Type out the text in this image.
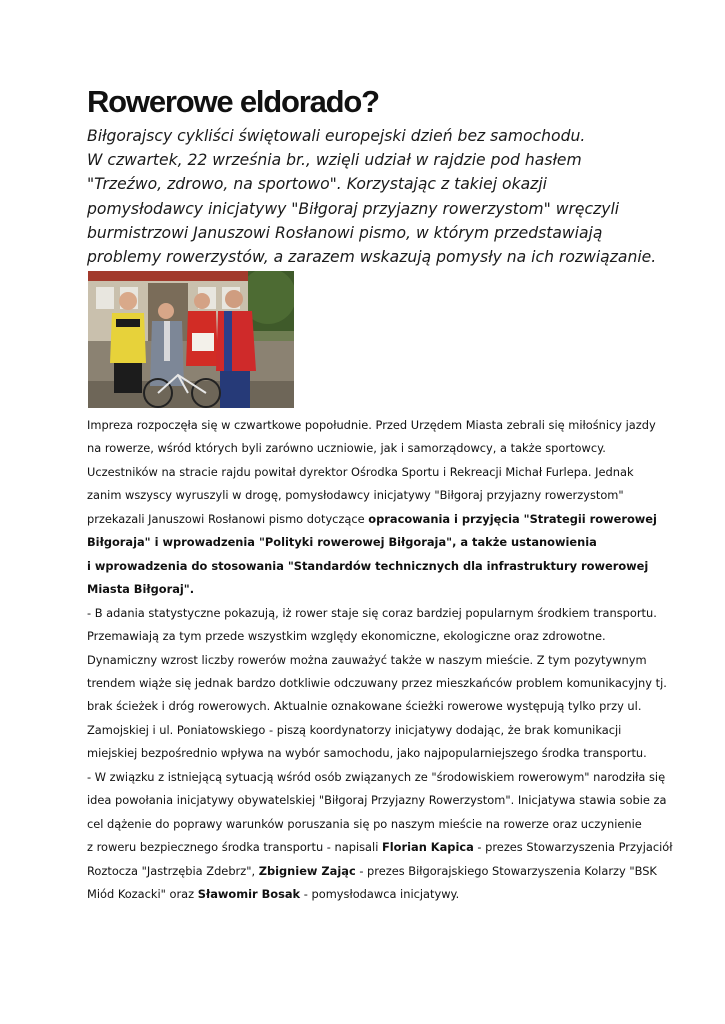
Rowerowe eldorado?

Biłgorajscy cykliści świętowali europejski dzień bez samochodu.
W czwartek, 22 września br., wzięli udział w rajdzie pod hasłem
"Trzeźwo, zdrowo, na sportowo". Korzystając z takiej okazji
pomysłodawcy inicjatywy "Biłgoraj przyjazny rowerzystom" wręczyli
burmistrzowi Januszowi Rosłanowi pismo, w którym przedstawiają
problemy rowerzystów, a zarazem wskazują pomysły na ich rozwiązanie.

Impreza rozpoczęła się w czwartkowe popołudnie. Przed Urzędem Miasta zebrali się miłośnicy jazdy
na rowerze, wśród których byli zarówno uczniowie, jak i samorządowcy, a także sportowcy.
Uczestników na stracie rajdu powitał dyrektor Ośrodka Sportu i Rekreacji Michał Furlepa. Jednak
zanim wszyscy wyruszyli w drogę, pomysłodawcy inicjatywy "Biłgoraj przyjazny rowerzystom"
przekazali Januszowi Rosłanowi pismo dotyczące opracowania i przyjęcia "Strategii rowerowej
Biłgoraja" i wprowadzenia "Polityki rowerowej Biłgoraja", a także ustanowienia
i wprowadzenia do stosowania "Standardów technicznych dla infrastruktury rowerowej
Miasta Biłgoraj".
- B adania statystyczne pokazują, iż rower staje się coraz bardziej popularnym środkiem transportu.
Przemawiają za tym przede wszystkim względy ekonomiczne, ekologiczne oraz zdrowotne.
Dynamiczny wzrost liczby rowerów można zauważyć także w naszym mieście. Z tym pozytywnym
trendem wiąże się jednak bardzo dotkliwie odczuwany przez mieszkańców problem komunikacyjny tj.
brak ścieżek i dróg rowerowych. Aktualnie oznakowane ścieżki rowerowe występują tylko przy ul.
Zamojskiej i ul. Poniatowskiego - piszą koordynatorzy inicjatywy dodając, że brak komunikacji
miejskiej bezpośrednio wpływa na wybór samochodu, jako najpopularniejszego środka transportu.
- W związku z istniejącą sytuacją wśród osób związanych ze "środowiskiem rowerowym" narodziła się
idea powołania inicjatywy obywatelskiej "Biłgoraj Przyjazny Rowerzystom". Inicjatywa stawia sobie za
cel dążenie do poprawy warunków poruszania się po naszym mieście na rowerze oraz uczynienie
z roweru bezpiecznego środka transportu - napisali Florian Kapica - prezes Stowarzyszenia Przyjaciół
Roztocza "Jastrzębia Zdebrz", Zbigniew Zając - prezes Biłgorajskiego Stowarzyszenia Kolarzy "BSK
Miód Kozacki" oraz Sławomir Bosak - pomysłodawca inicjatywy.
